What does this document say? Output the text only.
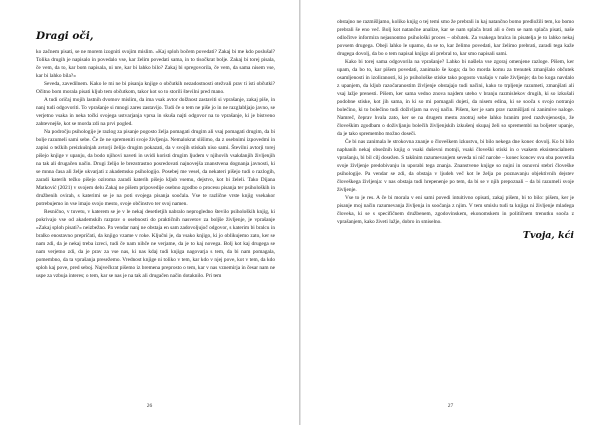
Dragi oči,

ko začnem pisati, se ne morem izogniti svojim mislim. »Kaj sploh bočem povedati? Zakaj bi me kdo poslušal? Tolika drugih je napisalo in povedalo vse, kar želim povedati sama, in to tisočkrat bolje. Zakaj bi torej pisala, če vem, da to, kar bom napisala, ni nre, kar bi lahko bilo? Zakaj bi spregovorila, če vem, da sama nisem vse, kar bi lahko bila?«

Seveda, zavedilnem. Kako le mi ne bi pisanja knjige o občutkih nezadostnosti otežvali prav ti isti občutki? Očitno bom morala pisati kljub tem občutkom, takor kot so to storili številni pred mano.

A tudi oričaj mojih lastnih dvomov mislim, da ima vsak avtor dolžnost zastaviti si vprašanje, zakaj piše, in nanj tudi odgovoriti. To vprašanje si mnogi zares zastavijo. Tudi če o tem ne piše jo in ne razglabljajo javno, se verjetno vsaka in neka točki svojega ustvarjanja vprsa in skuša najti odgovor na to vprašanje, ki je bistveno zahtevnejše, kot se morda zdi na prvi pogled.

Na področju psihologije je razlog za pisanje pogosto želja pomagati drugim ali vsaj pomagati drugim, da bi bolje razumeli sami sebe. Če že ne spremeniti svoje življenja. Nemalokrat slišimo, da z osebnimi izpovedmi in zapisi o težkih preizkušnjah avtorji želijo drugim pokazati, da v svojih stiskah niso sami. Številni avtorji torej pišejo knjige v upanju, da bodo njihovi naveti in uvidi koristi drugim ljudem v njihovih vsakdanjih življenjih na tak ali drugačen način. Drugi želijo le brezstrastno posredovati najnovejša znanstvena dognanja javnosti, ki se mnna časa ali želje ukvarjati z akademsko psihologijo. Posebej me vesel, da nekateri pišejo tudi o razlogih, zaradi katerih težko pišejo oziroma zaradi katerih pišejo kljub vsemu, dejstvo, kot bi želeli. Tako Dijana Matković (2021) v svojem delu Zakaj ne pišem pripovedije osebno zgodbo o procesu pisanja ter psiholoških in družbenih ovirah, s katerimi se je na poti svojega pisanja soočala. Vse te različne vrste knjig vsekakor potrebujemo in vse imajo svojo mesto, svoje občinstvo ter svoj namen.

Resnično, v tuvetu, v katerem se je v le nekaj desetletjih nabralo neprogledno število psiholoških knjig, ki pokrivajo vse od akademskih razprav o osebnosti do praktičnih nasvetov za boljše življenje, je vprašanje »Zakaj sploh pisati?« neizbežno. Pa vendar nanj ne obstaja en sam zadovoljujoč odgovor, s katerim bi bralcu in bralkо enostavno prepričati, da knjigo vzame v roke. Ključni je, da vsako knjigo, ki jo oblikujemo zato, ker se nam zdi, da je nekaj treba izreci, tudi če nam nihče ne verjame, da je to kaj novega. Bolj kot kaj drugega se nam verjetno zdi, da je prav za vse nas, ki nas kdaj tudi knjiga nagovarja s tem, da bi nam pomagala, pomembno, da ta vprašanja presežemo. Vrednost knjige ni toliko v tem, kar kdo v njej pove, kot v tem, da kdo sploh kaj pove, pred seboj. Največkrat pišemo iz bremena preprosto o tem, kar v nas vznemirja in česar nam ne uspe za vzbuja interes; o tem, kar se nas je na tak ali drugačen način dotaknilo. Pri tem

26

obstajno ne razmišljamo, koliko knjig o tej temi smo že prebrali in kaj natančno bomo predložili tem, ko bomo prebrali še eno več. Bolj kot natančne analize, kar se nam splača brati ali o čem se nam splača pisati, naše odločitve informira nejasnontno psihološki proces – občutek. Za vsakega bralca in pisatelja je to lahko nekaj povsem drugega. Obeji lahko le upamo, da se to, kar želimo povedati, kar želimo prebrati, zaradi tega kaže drugega dovolj, da bo o tem napisal knjigo ali prebral to, kar smo napisali sami.

Kako bi torej sama odgovorila na vprašanje? Lahko bi našlela vse zgoraj omenjene razloge. Pišem, ker upam, da bo to, kar pišem povedati, zanimalo še koga; da bo morda komu za trenutek zmanjšalo občutek osamljenosti in izoliranosti, ki jo psihološke stiske tako pogosto vnašajo v naše življenje; da bo koga navdalo z upanjem, da kljub razočaranostim življenje obstajajo tudi načini, kako to trpljenje razumeti, zmanjšati ali vsaj lažje prenesti. Pišem, ker sama vedno znova najdem uteho v branju razmislekov drugih, ki so izkušali podobne stiske, kot jih sama, in ki so mi pomagali dojeti, da nisem edina, ki se sooča s svojo notranjo bolečino, ki to bolečino tudi doživljam na svoj način. Pišem, ker je sam prav razmišljati ni zanimive naloge. Namreč, čeprav hvala zato, ker se na drugem mestu znotraj sebe lahko hranim pred razdvojenostjo, že človeškim zgodbam o doživljanju bolečih življenjskih izkušenj skupaj želi so spremembi na boljeter upanje, da je tako spremembo možno doseči.

Če bi nas zanimala le strokovna znanje o človeškem izkustvu, bi bilo nekega dne konec dovolj. Ko bi bilo naphanih nekaj obsežnih knjig o vsaki duševni motnji, vsaki človeški stiski in o vsakem eksistencialnem vprašanju, bi bil cilj dosežen. S takšnim razumevanjem seveda ni nič narobe – konec koncev sva oba posvetila svoje življenje predobivanju in uporabi tega znanja. Znanstvene knjige so nujni in osnovni stebri človeške psihologije. Pa vendar se zdi, da obstaja v ljudeh več kot le želja po poznavanju objektivnih dejstev človeškega življenja: v nas obstaja tudi hrepenenje po tem, da bi se v njih prepoznali – da bi razumeli svoje življenje.

Vse to je res. A če bi morala v eni sami povedi intuitivno opisati, zakaj pišem, bi to bilo: pišem, ker je pisanje moj način razumevanja življenja in soočanja z njim. V tem smislu tudi ta knjiga ni življenje mladega človeka, ki se s specifičnem družbenem, zgodovinskem, ekonomskem in političnem trenutku sooča z vprašanjem, kako živeti lažje, dobro in smiselno.

Tvoja, kći
27
